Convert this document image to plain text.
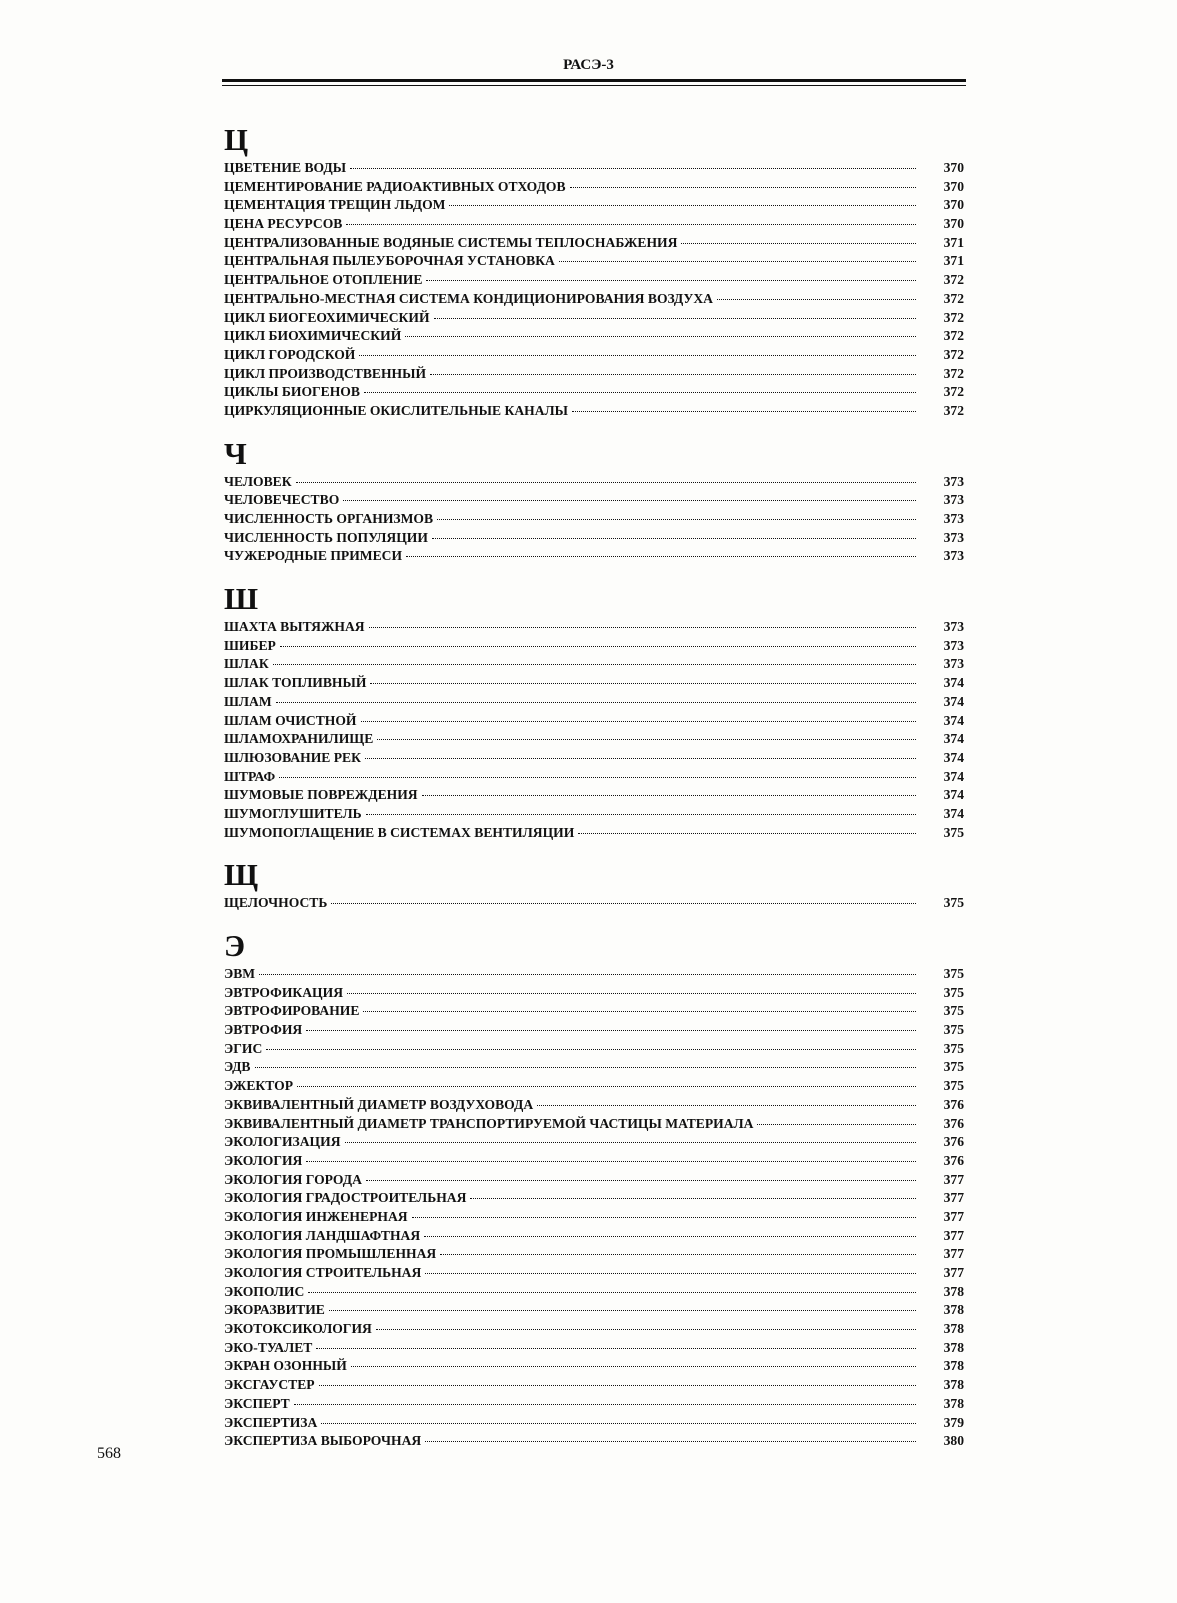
РАСЭ-3
Ц
ЦВЕТЕНИЕ ВОДЫ	370
ЦЕМЕНТИРОВАНИЕ РАДИОАКТИВНЫХ ОТХОДОВ	370
ЦЕМЕНТАЦИЯ ТРЕЩИН ЛЬДОМ	370
ЦЕНА РЕСУРСОВ	370
ЦЕНТРАЛИЗОВАННЫЕ ВОДЯНЫЕ СИСТЕМЫ ТЕПЛОСНАБЖЕНИЯ	371
ЦЕНТРАЛЬНАЯ ПЫЛЕУБОРОЧНАЯ УСТАНОВКА	371
ЦЕНТРАЛЬНОЕ ОТОПЛЕНИЕ	372
ЦЕНТРАЛЬНО-МЕСТНАЯ СИСТЕМА КОНДИЦИОНИРОВАНИЯ ВОЗДУХА	372
ЦИКЛ БИОГЕОХИМИЧЕСКИЙ	372
ЦИКЛ БИОХИМИЧЕСКИЙ	372
ЦИКЛ ГОРОДСКОЙ	372
ЦИКЛ ПРОИЗВОДСТВЕННЫЙ	372
ЦИКЛЫ БИОГЕНОВ	372
ЦИРКУЛЯЦИОННЫЕ ОКИСЛИТЕЛЬНЫЕ КАНАЛЫ	372
Ч
ЧЕЛОВЕК	373
ЧЕЛОВЕЧЕСТВО	373
ЧИСЛЕННОСТЬ ОРГАНИЗМОВ	373
ЧИСЛЕННОСТЬ ПОПУЛЯЦИИ	373
ЧУЖЕРОДНЫЕ ПРИМЕСИ	373
Ш
ШАХТА ВЫТЯЖНАЯ	373
ШИБЕР	373
ШЛАК	373
ШЛАК ТОПЛИВНЫЙ	374
ШЛАМ	374
ШЛАМ ОЧИСТНОЙ	374
ШЛАМОХРАНИЛИЩЕ	374
ШЛЮЗОВАНИЕ РЕК	374
ШТРАФ	374
ШУМОВЫЕ ПОВРЕЖДЕНИЯ	374
ШУМОГЛУШИТЕЛЬ	374
ШУМОПОГЛАЩЕНИЕ В СИСТЕМАХ ВЕНТИЛЯЦИИ	375
Щ
ЩЕЛОЧНОСТЬ	375
Э
ЭВМ	375
ЭВТРОФИКАЦИЯ	375
ЭВТРОФИРОВАНИЕ	375
ЭВТРОФИЯ	375
ЭГИС	375
ЭДВ	375
ЭЖЕКТОР	375
ЭКВИВАЛЕНТНЫЙ ДИАМЕТР ВОЗДУХОВОДА	376
ЭКВИВАЛЕНТНЫЙ ДИАМЕТР ТРАНСПОРТИРУЕМОЙ ЧАСТИЦЫ МАТЕРИАЛА	376
ЭКОЛОГИЗАЦИЯ	376
ЭКОЛОГИЯ	376
ЭКОЛОГИЯ ГОРОДА	377
ЭКОЛОГИЯ ГРАДОСТРОИТЕЛЬНАЯ	377
ЭКОЛОГИЯ ИНЖЕНЕРНАЯ	377
ЭКОЛОГИЯ ЛАНДШАФТНАЯ	377
ЭКОЛОГИЯ ПРОМЫШЛЕННАЯ	377
ЭКОЛОГИЯ СТРОИТЕЛЬНАЯ	377
ЭКОПОЛИС	378
ЭКОРАЗВИТИЕ	378
ЭКОТОКСИКОЛОГИЯ	378
ЭКО-ТУАЛЕТ	378
ЭКРАН ОЗОННЫЙ	378
ЭКСГАУСТЕР	378
ЭКСПЕРТ	378
ЭКСПЕРТИЗА	379
ЭКСПЕРТИЗА ВЫБОРОЧНАЯ	380
568
